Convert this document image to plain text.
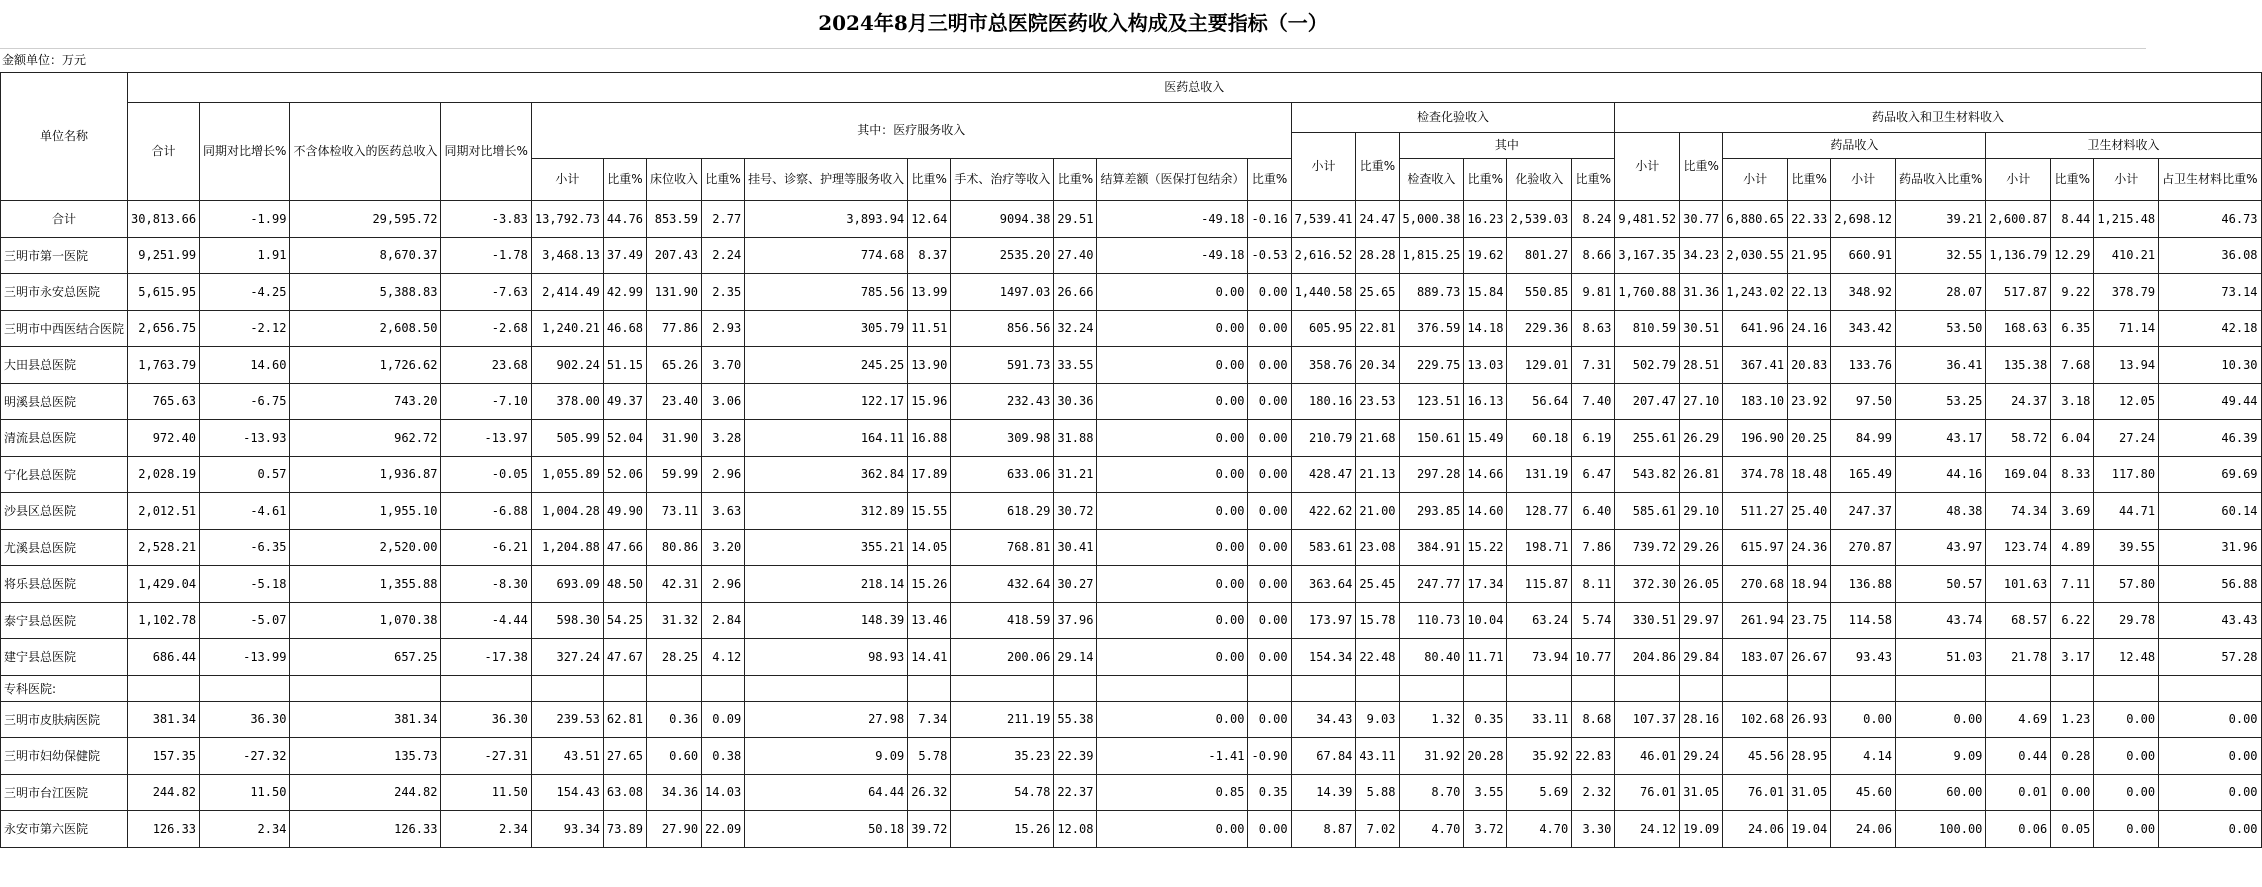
2024年8月三明市总医院医药收入构成及主要指标（一）
金额单位：万元
单位名称	医药总收入																													
	合计	同期对比增长%	不含体检收入的医药总收入	同期对比增长%	其中：医疗服务收入										检查化验收入						药品收入和卫生材料收入									
															小计	比重%	其中				小计	比重%	药品收入				卫生材料收入			
					小计	比重%	床位收入	比重%	挂号、诊察、护理等服务收入	比重%	手术、治疗等收入	比重%	结算差额（医保打包结余）	比重%			检查收入	比重%	化验收入	比重%			小计	比重%	小计	药品收入比重%	小计	比重%	小计	占卫生材料比重%
合计	30,813.66	-1.99	29,595.72	-3.83	13,792.73	44.76	853.59	2.77	3,893.94	12.64	9094.38	29.51	-49.18	-0.16	7,539.41	24.47	5,000.38	16.23	2,539.03	8.24	9,481.52	30.77	6,880.65	22.33	2,698.12	39.21	2,600.87	8.44	1,215.48	46.73
三明市第一医院	9,251.99	1.91	8,670.37	-1.78	3,468.13	37.49	207.43	2.24	774.68	8.37	2535.20	27.40	-49.18	-0.53	2,616.52	28.28	1,815.25	19.62	801.27	8.66	3,167.35	34.23	2,030.55	21.95	660.91	32.55	1,136.79	12.29	410.21	36.08
三明市永安总医院	5,615.95	-4.25	5,388.83	-7.63	2,414.49	42.99	131.90	2.35	785.56	13.99	1497.03	26.66	0.00	0.00	1,440.58	25.65	889.73	15.84	550.85	9.81	1,760.88	31.36	1,243.02	22.13	348.92	28.07	517.87	9.22	378.79	73.14
三明市中西医结合医院	2,656.75	-2.12	2,608.50	-2.68	1,240.21	46.68	77.86	2.93	305.79	11.51	856.56	32.24	0.00	0.00	605.95	22.81	376.59	14.18	229.36	8.63	810.59	30.51	641.96	24.16	343.42	53.50	168.63	6.35	71.14	42.18
大田县总医院	1,763.79	14.60	1,726.62	23.68	902.24	51.15	65.26	3.70	245.25	13.90	591.73	33.55	0.00	0.00	358.76	20.34	229.75	13.03	129.01	7.31	502.79	28.51	367.41	20.83	133.76	36.41	135.38	7.68	13.94	10.30
明溪县总医院	765.63	-6.75	743.20	-7.10	378.00	49.37	23.40	3.06	122.17	15.96	232.43	30.36	0.00	0.00	180.16	23.53	123.51	16.13	56.64	7.40	207.47	27.10	183.10	23.92	97.50	53.25	24.37	3.18	12.05	49.44
清流县总医院	972.40	-13.93	962.72	-13.97	505.99	52.04	31.90	3.28	164.11	16.88	309.98	31.88	0.00	0.00	210.79	21.68	150.61	15.49	60.18	6.19	255.61	26.29	196.90	20.25	84.99	43.17	58.72	6.04	27.24	46.39
宁化县总医院	2,028.19	0.57	1,936.87	-0.05	1,055.89	52.06	59.99	2.96	362.84	17.89	633.06	31.21	0.00	0.00	428.47	21.13	297.28	14.66	131.19	6.47	543.82	26.81	374.78	18.48	165.49	44.16	169.04	8.33	117.80	69.69
沙县区总医院	2,012.51	-4.61	1,955.10	-6.88	1,004.28	49.90	73.11	3.63	312.89	15.55	618.29	30.72	0.00	0.00	422.62	21.00	293.85	14.60	128.77	6.40	585.61	29.10	511.27	25.40	247.37	48.38	74.34	3.69	44.71	60.14
尤溪县总医院	2,528.21	-6.35	2,520.00	-6.21	1,204.88	47.66	80.86	3.20	355.21	14.05	768.81	30.41	0.00	0.00	583.61	23.08	384.91	15.22	198.71	7.86	739.72	29.26	615.97	24.36	270.87	43.97	123.74	4.89	39.55	31.96
将乐县总医院	1,429.04	-5.18	1,355.88	-8.30	693.09	48.50	42.31	2.96	218.14	15.26	432.64	30.27	0.00	0.00	363.64	25.45	247.77	17.34	115.87	8.11	372.30	26.05	270.68	18.94	136.88	50.57	101.63	7.11	57.80	56.88
泰宁县总医院	1,102.78	-5.07	1,070.38	-4.44	598.30	54.25	31.32	2.84	148.39	13.46	418.59	37.96	0.00	0.00	173.97	15.78	110.73	10.04	63.24	5.74	330.51	29.97	261.94	23.75	114.58	43.74	68.57	6.22	29.78	43.43
建宁县总医院	686.44	-13.99	657.25	-17.38	327.24	47.67	28.25	4.12	98.93	14.41	200.06	29.14	0.00	0.00	154.34	22.48	80.40	11.71	73.94	10.77	204.86	29.84	183.07	26.67	93.43	51.03	21.78	3.17	12.48	57.28
专科医院:																														
三明市皮肤病医院	381.34	36.30	381.34	36.30	239.53	62.81	0.36	0.09	27.98	7.34	211.19	55.38	0.00	0.00	34.43	9.03	1.32	0.35	33.11	8.68	107.37	28.16	102.68	26.93	0.00	0.00	4.69	1.23	0.00	0.00
三明市妇幼保健院	157.35	-27.32	135.73	-27.31	43.51	27.65	0.60	0.38	9.09	5.78	35.23	22.39	-1.41	-0.90	67.84	43.11	31.92	20.28	35.92	22.83	46.01	29.24	45.56	28.95	4.14	9.09	0.44	0.28	0.00	0.00
三明市台江医院	244.82	11.50	244.82	11.50	154.43	63.08	34.36	14.03	64.44	26.32	54.78	22.37	0.85	0.35	14.39	5.88	8.70	3.55	5.69	2.32	76.01	31.05	76.01	31.05	45.60	60.00	0.01	0.00	0.00	0.00
永安市第六医院	126.33	2.34	126.33	2.34	93.34	73.89	27.90	22.09	50.18	39.72	15.26	12.08	0.00	0.00	8.87	7.02	4.70	3.72	4.70	3.30	24.12	19.09	24.06	19.04	24.06	100.00	0.06	0.05	0.00	0.00
